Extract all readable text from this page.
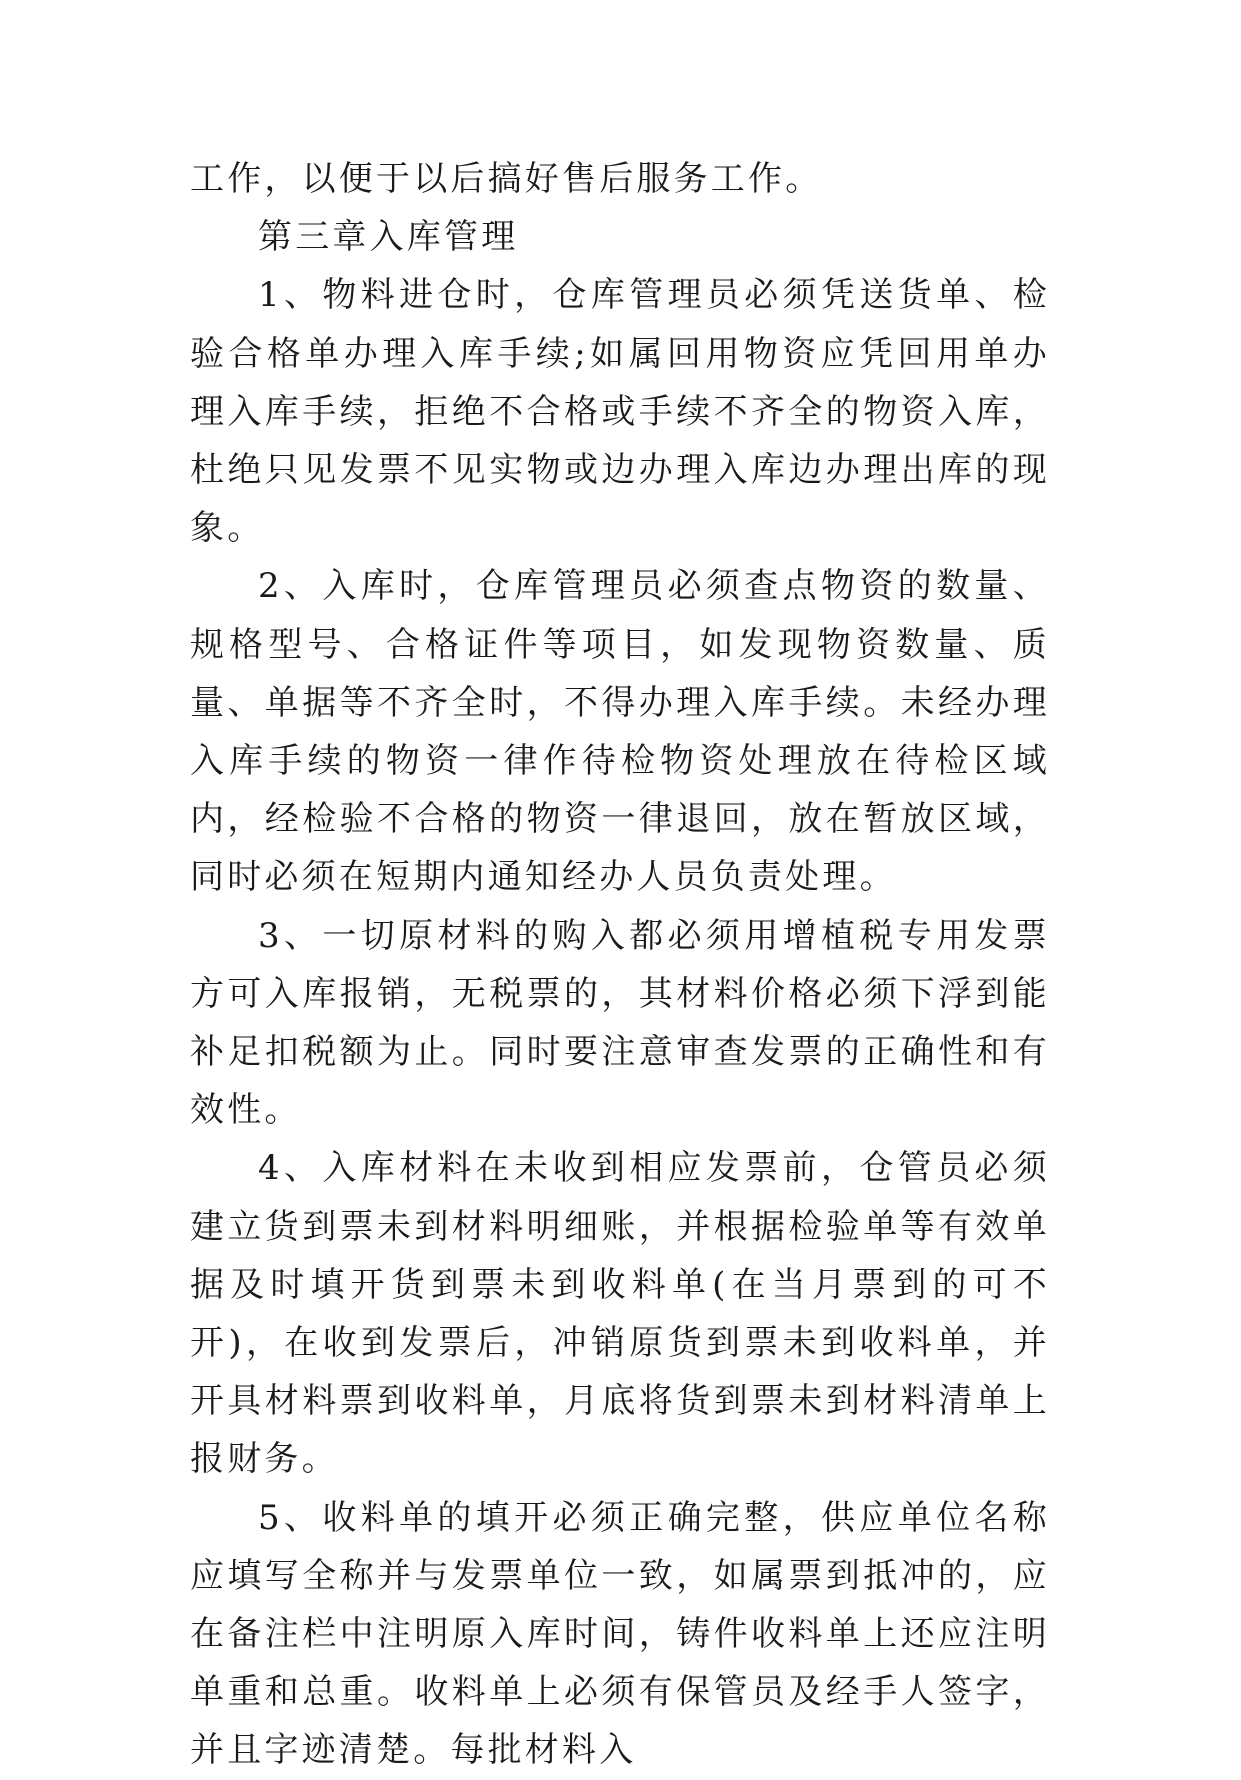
工作，以便于以后搞好售后服务工作。

第三章入库管理

1、物料进仓时，仓库管理员必须凭送货单、检验合格单办理入库手续;如属回用物资应凭回用单办理入库手续，拒绝不合格或手续不齐全的物资入库，杜绝只见发票不见实物或边办理入库边办理出库的现象。

2、入库时，仓库管理员必须查点物资的数量、规格型号、合格证件等项目，如发现物资数量、质量、单据等不齐全时，不得办理入库手续。未经办理入库手续的物资一律作待检物资处理放在待检区域内，经检验不合格的物资一律退回，放在暂放区域，同时必须在短期内通知经办人员负责处理。

3、一切原材料的购入都必须用增植税专用发票方可入库报销，无税票的，其材料价格必须下浮到能补足扣税额为止。同时要注意审查发票的正确性和有效性。

4、入库材料在未收到相应发票前，仓管员必须建立货到票未到材料明细账，并根据检验单等有效单据及时填开货到票未到收料单(在当月票到的可不开)，在收到发票后，冲销原货到票未到收料单，并开具材料票到收料单，月底将货到票未到材料清单上报财务。

5、收料单的填开必须正确完整，供应单位名称应填写全称并与发票单位一致，如属票到抵冲的，应在备注栏中注明原入库时间，铸件收料单上还应注明单重和总重。收料单上必须有保管员及经手人签字，并且字迹清楚。每批材料入
